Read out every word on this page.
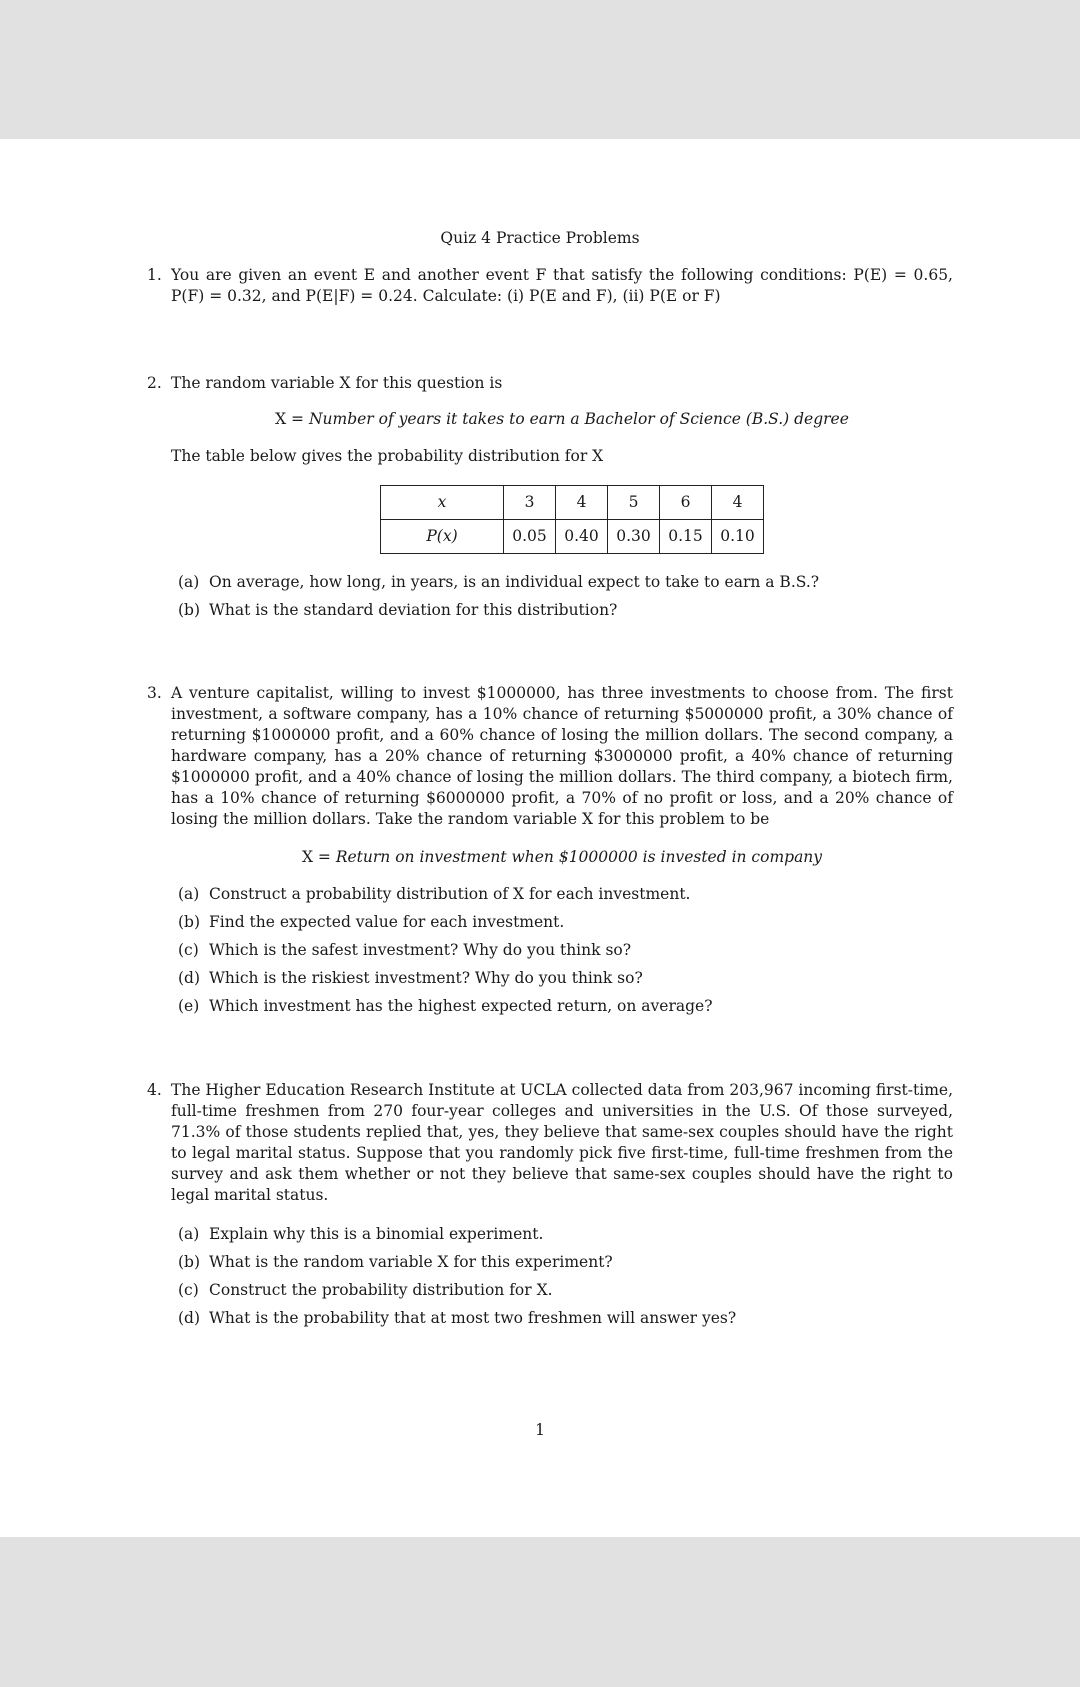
Quiz 4 Practice Problems
1. You are given an event E and another event F that satisfy the following conditions: P(E) = 0.65,
P(F) = 0.32, and P(E|F) = 0.24. Calculate: (i) P(E and F), (ii) P(E or F)
2. The random variable X for this question is
X = Number of years it takes to earn a Bachelor of Science (B.S.) degree
The table below gives the probability distribution for X
x	3	4	5	6	4
P(x)	0.05	0.40	0.30	0.15	0.10
(a) On average, how long, in years, is an individual expect to take to earn a B.S.?
(b) What is the standard deviation for this distribution?
3. A venture capitalist, willing to invest $1000000, has three investments to choose from. The first investment, a software company, has a 10% chance of returning $5000000 profit, a 30% chance of returning $1000000 profit, and a 60% chance of losing the million dollars. The second company, a hardware company, has a 20% chance of returning $3000000 profit, a 40% chance of returning $1000000 profit, and a 40% chance of losing the million dollars. The third company, a biotech firm, has a 10% chance of returning $6000000 profit, a 70% of no profit or loss, and a 20% chance of losing the million dollars. Take the random variable X for this problem to be
X = Return on investment when $1000000 is invested in company
(a) Construct a probability distribution of X for each investment.
(b) Find the expected value for each investment.
(c) Which is the safest investment? Why do you think so?
(d) Which is the riskiest investment? Why do you think so?
(e) Which investment has the highest expected return, on average?
4. The Higher Education Research Institute at UCLA collected data from 203,967 incoming first-time, full-time freshmen from 270 four-year colleges and universities in the U.S. Of those surveyed, 71.3% of those students replied that, yes, they believe that same-sex couples should have the right to legal marital status. Suppose that you randomly pick five first-time, full-time freshmen from the survey and ask them whether or not they believe that same-sex couples should have the right to legal marital status.
(a) Explain why this is a binomial experiment.
(b) What is the random variable X for this experiment?
(c) Construct the probability distribution for X.
(d) What is the probability that at most two freshmen will answer yes?
1
